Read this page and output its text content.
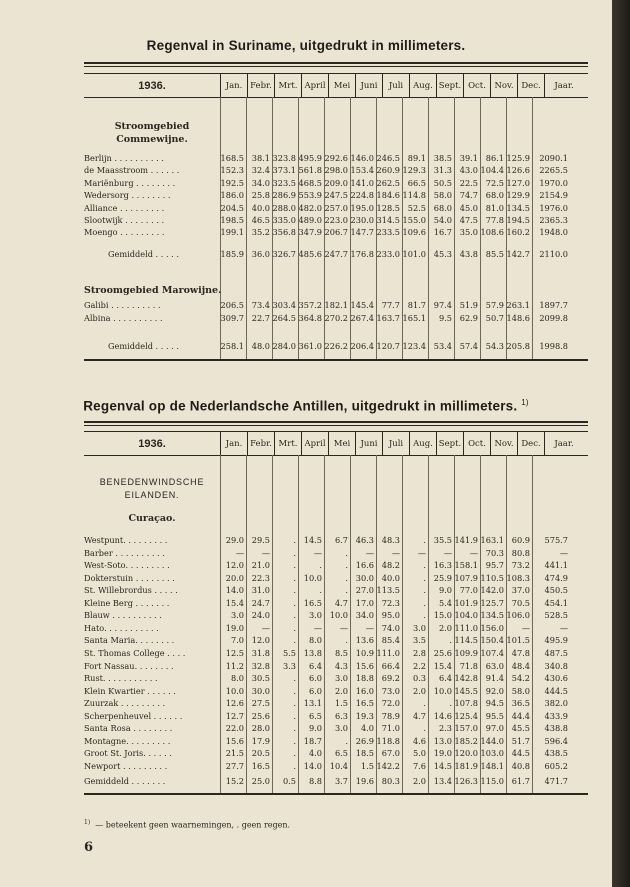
Regenval in Suriname, uitgedrukt in millimeters.
1936.	Jan. Febr. Mrt. April Mei	Juni	Juli	Aug. Sept. Oct.	Nov. Dec.	Jaar.
Stroomgebied
Commewijne.
Berlijn . . . . . . . . . .	168.5 38.1 323.8 495.9 292.6 146.0 246.5 89.1 38.5 39.1 86.1 125.9	2090.1
de Maasstroom . . . . . .	152.3 32.4 373.1 561.8 298.0 153.4 260.9 129.3 31.3 43.0 104.4 126.6	2265.5
Mariënburg . . . . . . . .	192.5 34.0 323.5 468.5 209.0 141.0 262.5 66.5 50.5 22.5 72.5 127.0	1970.0
Wedersorg . . . . . . . .	186.0 25.8 286.9 553.9 247.5 224.8 184.6 114.8 58.0 74.7 68.0 129.9	2154.9
Alliance . . . . . . . . .	204.5 40.0 288.0 482.0 257.0 195.0 128.5 52.5 68.0 45.0 81.0 134.5	1976.0
Slootwijk . . . . . . . .	198.5 46.5 335.0 489.0 223.0 230.0 314.5 155.0 54.0 47.5 77.8 194.5	2365.3
Moengo . . . . . . . . .	199.1 35.2 356.8 347.9 206.7 147.7 233.5 109.6 16.7 35.0 108.6 160.2	1948.0
Gemiddeld . . . . .	185.9 36.0 326.7 485.6 247.7 176.8 233.0 101.0 45.3 43.8 85.5 142.7	2110.0
Stroomgebied Marowijne.
Galibi . . . . . . . . . .	206.5 73.4 303.4 357.2 182.1 145.4 77.7 81.7 97.4 51.9 57.9 263.1	1897.7
Albina . . . . . . . . . .	309.7 22.7 264.5 364.8 270.2 267.4 163.7 165.1	9.5 62.9 50.7 148.6	2099.8
Gemiddeld . . . . .	258.1 48.0 284.0 361.0 226.2 206.4 120.7 123.4 53.4 57.4 54.3 205.8	1998.8
Regenval op de Nederlandsche Antillen, uitgedrukt in millimeters. $^{1)}$
1936.	Jan. Febr. Mrt. April Mei	Juni	Juli	Aug. Sept. Oct.	Nov. Dec.	Jaar.
BENEDENWINDSCHE
EILANDEN.
Curaçao.
Westpunt. . . . . . . . .	29.0 29.5	. 14.5	6.7 46.3 48.3	. 35.5 141.9 163.1 60.9	575.7
Barber . . . . . . . . . .	—	—	.	—	.	—	—	—	—	— 70.3 80.8	—
West-Soto. . . . . . . . .	12.0 21.0	.	.	. 16.6 48.2	. 16.3 158.1 95.7 73.2	441.1
Dokterstuin . . . . . . . .	20.0 22.3	. 10.0	. 30.0 40.0	. 25.9 107.9 110.5 108.3	474.9
St. Willebrordus . . . . .	14.0 31.0	.	.	. 27.0 113.5	.	9.0 77.0 142.0 37.0	450.5
Kleine Berg . . . . . . .	15.4 24.7	. 16.5	4.7 17.0 72.3	.	5.4 101.9 125.7 70.5	454.1
Blauw . . . . . . . . . .	3.0 24.0	.	3.0 10.0 34.0 95.0	. 15.0 104.0 134.5 106.0	528.5
Hato. . . . . . . . . . .	19.0	—	.	—	—	— 74.0	3.0	2.0 111.0 156.0	—	—
Santa Maria. . . . . . . .	7.0 12.0	.	8.0	. 13.6 85.4	3.5	. 114.5 150.4 101.5	495.9
St. Thomas College . . . .	12.5 31.8	5.5 13.8	8.5 10.9 111.0	2.8 25.6 109.9 107.4 47.8	487.5
Fort Nassau. . . . . . . .	11.2 32.8	3.3	6.4	4.3 15.6 66.4	2.2 15.4 71.8 63.0 48.4	340.8
Rust. . . . . . . . . . .	8.0 30.5	.	6.0	3.0 18.8 69.2	0.3	6.4 142.8 91.4 54.2	430.6
Klein Kwartier . . . . . .	10.0 30.0	.	6.0	2.0 16.0 73.0	2.0 10.0 145.5 92.0 58.0	444.5
Zuurzak . . . . . . . . .	12.6 27.5	. 13.1	1.5 16.5 72.0	.	. 107.8 94.5 36.5	382.0
Scherpenheuvel . . . . . .	12.7 25.6	.	6.5	6.3 19.3 78.9	4.7 14.6 125.4 95.5 44.4	433.9
Santa Rosa . . . . . . . .	22.0 28.0	.	9.0	3.0	4.0 71.0	.	2.3 157.0 97.0 45.5	438.8
Montagne. . . . . . . . .	15.6 17.9	. 18.7	. 26.9 118.8	4.6 13.0 185.2 144.0 51.7	596.4
Groot St. Joris. . . . . .	21.5 20.5	.	4.0	6.5 18.5 67.0	5.0 19.0 120.0 103.0 44.5	438.5
Newport . . . . . . . . .	27.7 16.5	. 14.0 10.4	1.5 142.2	7.6 14.5 181.9 148.1 40.8	605.2
Gemiddeld . . . . . . .	15.2 25.0	0.5	8.8	3.7 19.6 80.3	2.0 13.4 126.3 115.0 61.7	471.7
$^{1)}$ — beteekent geen waarnemingen, . geen regen.
6
